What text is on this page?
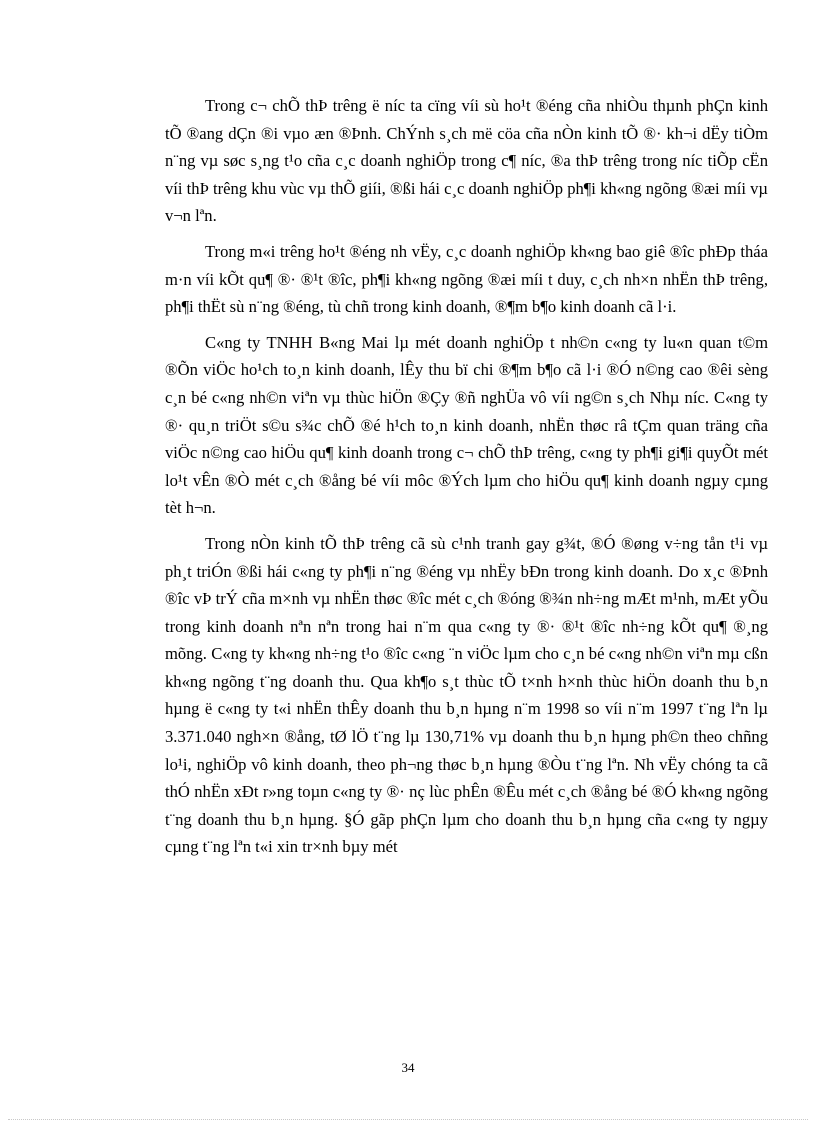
Trong c¬ chÕ thÞ trêng ë níc ta cïng víi sù ho¹t ®éng cña nhiÒu thµnh phÇn kinh tÕ ®ang dÇn ®i vµo æn ®Þnh. ChÝnh s¸ch më cöa cña nÒn kinh tÕ ®· kh¬i dËy tiÒm n¨ng vµ søc s¸ng t¹o cña c¸c doanh nghiÖp trong c¶ níc, ®a thÞ trêng trong níc tiÕp cËn víi thÞ trêng khu vùc vµ thÕ giíi, ®ßi hái c¸c doanh nghiÖp ph¶i kh«ng ngõng ®æi míi vµ v¬n lªn.

Trong m«i trêng ho¹t ®éng nh vËy, c¸c doanh nghiÖp kh«ng bao giê ®îc phÐp tháa m·n víi kÕt qu¶ ®· ®¹t ®îc, ph¶i kh«ng ngõng ®æi míi t duy, c¸ch nh×n nhËn thÞ trêng, ph¶i thËt sù n¨ng ®éng, tù chñ trong kinh doanh, ®¶m b¶o kinh doanh cã l·i.

C«ng ty TNHH B«ng Mai lµ mét doanh nghiÖp t nh©n c«ng ty lu«n quan t©m ®Õn viÖc ho¹ch to¸n kinh doanh, lÊy thu bï chi ®¶m b¶o cã l·i ®Ó n©ng cao ®êi sèng c¸n bé c«ng nh©n viªn vµ thùc hiÖn ®Çy ®ñ nghÜa vô víi ng©n s¸ch Nhµ níc. C«ng ty ®· qu¸n triÖt s©u s¾c chÕ ®é h¹ch to¸n kinh doanh, nhËn thøc râ tÇm quan träng cña viÖc n©ng cao hiÖu qu¶ kinh doanh trong c¬ chÕ thÞ trêng, c«ng ty ph¶i gi¶i quyÕt mét lo¹t vÊn ®Ò mét c¸ch ®ång bé víi môc ®Ých lµm cho hiÖu qu¶ kinh doanh ngµy cµng tèt h¬n.

Trong nÒn kinh tÕ thÞ trêng cã sù c¹nh tranh gay g¾t, ®Ó ®øng v÷ng tån t¹i vµ ph¸t triÓn ®ßi hái c«ng ty ph¶i n¨ng ®éng vµ nhËy bÐn trong kinh doanh. Do x¸c ®Þnh ®îc vÞ trÝ cña m×nh vµ nhËn thøc ®îc mét c¸ch ®óng ®¾n nh÷ng mÆt m¹nh, mÆt yÕu trong kinh doanh nªn nªn trong hai n¨m qua c«ng ty ®· ®¹t ®îc nh÷ng kÕt qu¶ ®¸ng mõng. C«ng ty kh«ng nh÷ng t¹o ®îc c«ng ¨n viÖc lµm cho c¸n bé c«ng nh©n viªn mµ cßn kh«ng ngõng t¨ng doanh thu. Qua kh¶o s¸t thùc tÕ t×nh h×nh thùc hiÖn doanh thu b¸n hµng ë c«ng ty t«i nhËn thÊy doanh thu b¸n hµng n¨m 1998 so víi n¨m 1997 t¨ng lªn lµ 3.371.040 ngh×n ®ång, tØ lÖ t¨ng lµ 130,71% vµ doanh thu b¸n hµng ph©n theo chñng lo¹i, nghiÖp vô kinh doanh, theo ph¬ng thøc b¸n hµng ®Òu t¨ng lªn. Nh vËy chóng ta cã thÓ nhËn xÐt r»ng toµn c«ng ty ®· nç lùc phÊn ®Êu mét c¸ch ®ång bé ®Ó kh«ng ngõng t¨ng doanh thu b¸n hµng. §Ó gãp phÇn lµm cho doanh thu b¸n hµng cña c«ng ty ngµy cµng t¨ng lªn t«i xin tr×nh bµy mét

34
